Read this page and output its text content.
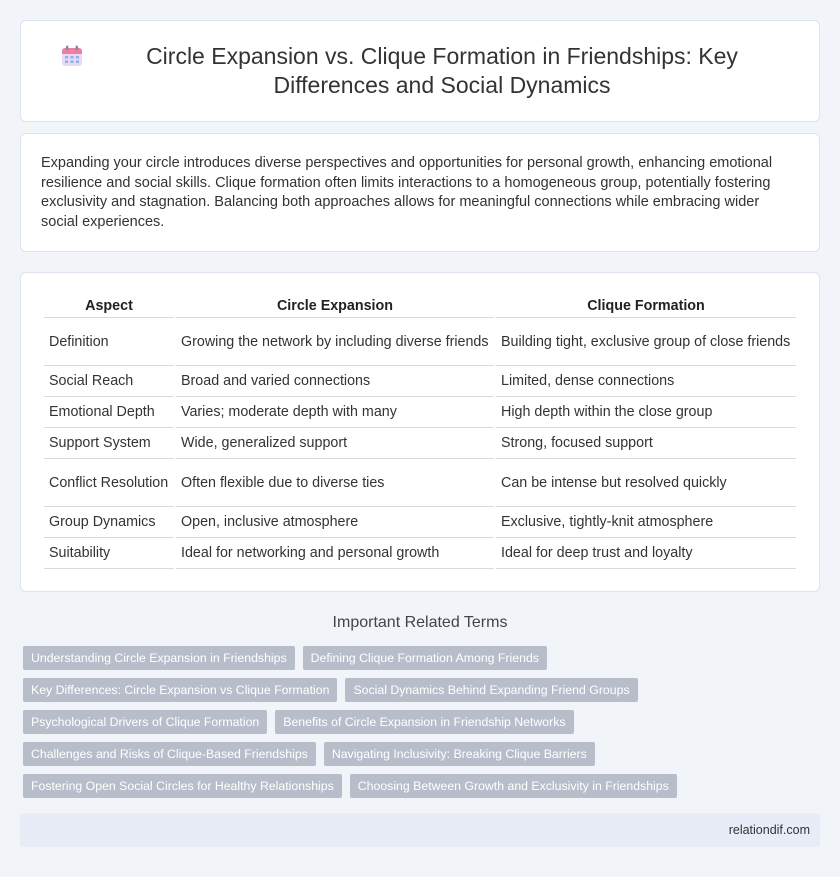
Circle Expansion vs. Clique Formation in Friendships: Key Differences and Social Dynamics

Expanding your circle introduces diverse perspectives and opportunities for personal growth, enhancing emotional resilience and social skills. Clique formation often limits interactions to a homogeneous group, potentially fostering exclusivity and stagnation. Balancing both approaches allows for meaningful connections while embracing wider social experiences.

Aspect	Circle Expansion	Clique Formation
Definition	Growing the network by including diverse friends	Building tight, exclusive group of close friends
Social Reach	Broad and varied connections	Limited, dense connections
Emotional Depth	Varies; moderate depth with many	High depth within the close group
Support System	Wide, generalized support	Strong, focused support
Conflict Resolution	Often flexible due to diverse ties	Can be intense but resolved quickly
Group Dynamics	Open, inclusive atmosphere	Exclusive, tightly-knit atmosphere
Suitability	Ideal for networking and personal growth	Ideal for deep trust and loyalty
Important Related Terms
Understanding Circle Expansion in Friendships	Defining Clique Formation Among Friends
Key Differences: Circle Expansion vs Clique Formation	Social Dynamics Behind Expanding Friend Groups
Psychological Drivers of Clique Formation	Benefits of Circle Expansion in Friendship Networks
Challenges and Risks of Clique-Based Friendships	Navigating Inclusivity: Breaking Clique Barriers
Fostering Open Social Circles for Healthy Relationships	Choosing Between Growth and Exclusivity in Friendships
relationdif.com
